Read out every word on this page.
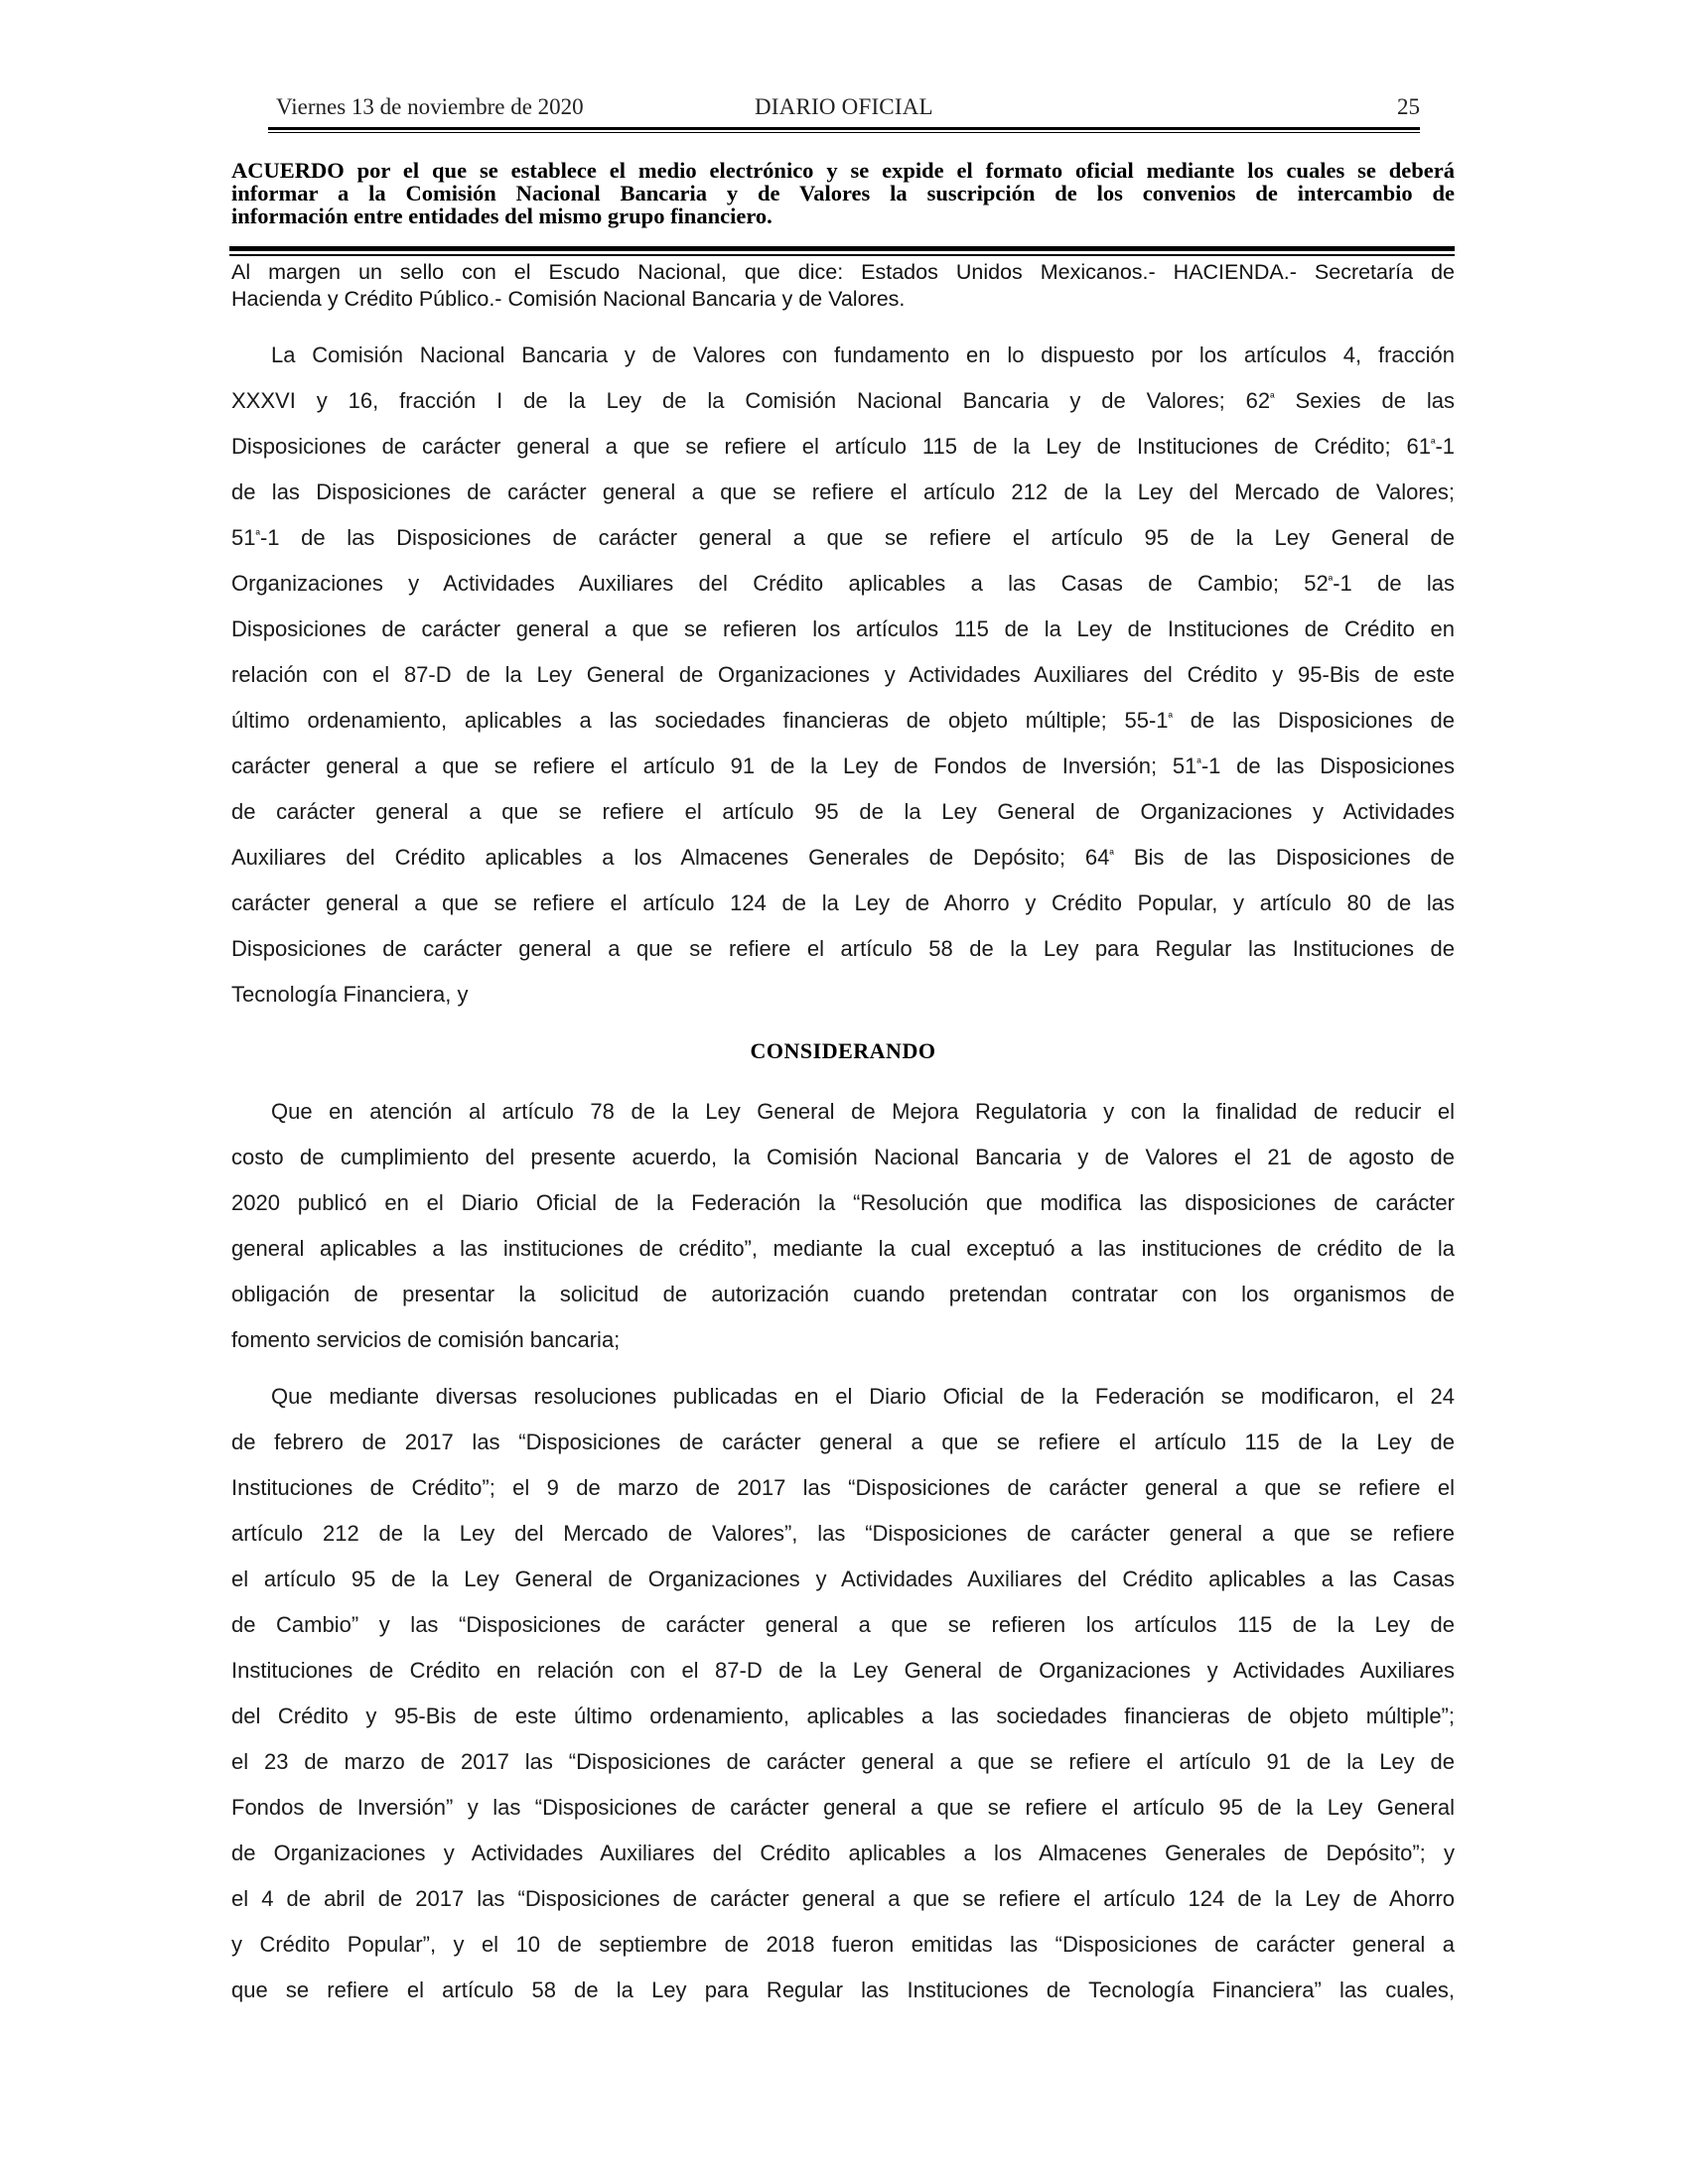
Viernes 13 de noviembre de 2020	DIARIO OFICIAL	25
ACUERDO por el que se establece el medio electrónico y se expide el formato oficial mediante los cuales se deberá
informar a la Comisión Nacional Bancaria y de Valores la suscripción de los convenios de intercambio de
información entre entidades del mismo grupo financiero.
Al margen un sello con el Escudo Nacional, que dice: Estados Unidos Mexicanos.- HACIENDA.- Secretaría de
Hacienda y Crédito Público.- Comisión Nacional Bancaria y de Valores.
La Comisión Nacional Bancaria y de Valores con fundamento en lo dispuesto por los artículos 4, fracción
XXXVI y 16, fracción I de la Ley de la Comisión Nacional Bancaria y de Valores; $62^ª$ Sexies de las
Disposiciones de carácter general a que se refiere el artículo 115 de la Ley de Instituciones de Crédito; $61^ª-1$
de las Disposiciones de carácter general a que se refiere el artículo 212 de la Ley del Mercado de Valores;
$51^ª-1$ de las Disposiciones de carácter general a que se refiere el artículo 95 de la Ley General de
Organizaciones y Actividades Auxiliares del Crédito aplicables a las Casas de Cambio; $52^ª-1$ de las
Disposiciones de carácter general a que se refieren los artículos 115 de la Ley de Instituciones de Crédito en
relación con el 87-D de la Ley General de Organizaciones y Actividades Auxiliares del Crédito y 95-Bis de este
último ordenamiento, aplicables a las sociedades financieras de objeto múltiple; $55-1^ª$ de las Disposiciones de
carácter general a que se refiere el artículo 91 de la Ley de Fondos de Inversión; $51^ª-1$ de las Disposiciones
de carácter general a que se refiere el artículo 95 de la Ley General de Organizaciones y Actividades
Auxiliares del Crédito aplicables a los Almacenes Generales de Depósito; $64^ª$ Bis de las Disposiciones de
carácter general a que se refiere el artículo 124 de la Ley de Ahorro y Crédito Popular, y artículo 80 de las
Disposiciones de carácter general a que se refiere el artículo 58 de la Ley para Regular las Instituciones de
Tecnología Financiera, y
CONSIDERANDO
Que en atención al artículo 78 de la Ley General de Mejora Regulatoria y con la finalidad de reducir el
costo de cumplimiento del presente acuerdo, la Comisión Nacional Bancaria y de Valores el 21 de agosto de
2020 publicó en el Diario Oficial de la Federación la “Resolución que modifica las disposiciones de carácter
general aplicables a las instituciones de crédito”, mediante la cual exceptuó a las instituciones de crédito de la
obligación de presentar la solicitud de autorización cuando pretendan contratar con los organismos de
fomento servicios de comisión bancaria;
Que mediante diversas resoluciones publicadas en el Diario Oficial de la Federación se modificaron, el 24
de febrero de 2017 las “Disposiciones de carácter general a que se refiere el artículo 115 de la Ley de
Instituciones de Crédito”; el 9 de marzo de 2017 las “Disposiciones de carácter general a que se refiere el
artículo 212 de la Ley del Mercado de Valores”, las “Disposiciones de carácter general a que se refiere
el artículo 95 de la Ley General de Organizaciones y Actividades Auxiliares del Crédito aplicables a las Casas
de Cambio” y las “Disposiciones de carácter general a que se refieren los artículos 115 de la Ley de
Instituciones de Crédito en relación con el 87-D de la Ley General de Organizaciones y Actividades Auxiliares
del Crédito y 95-Bis de este último ordenamiento, aplicables a las sociedades financieras de objeto múltiple”;
el 23 de marzo de 2017 las “Disposiciones de carácter general a que se refiere el artículo 91 de la Ley de
Fondos de Inversión” y las “Disposiciones de carácter general a que se refiere el artículo 95 de la Ley General
de Organizaciones y Actividades Auxiliares del Crédito aplicables a los Almacenes Generales de Depósito”; y
el 4 de abril de 2017 las “Disposiciones de carácter general a que se refiere el artículo 124 de la Ley de Ahorro
y Crédito Popular”, y el 10 de septiembre de 2018 fueron emitidas las “Disposiciones de carácter general a
que se refiere el artículo 58 de la Ley para Regular las Instituciones de Tecnología Financiera” las cuales,
